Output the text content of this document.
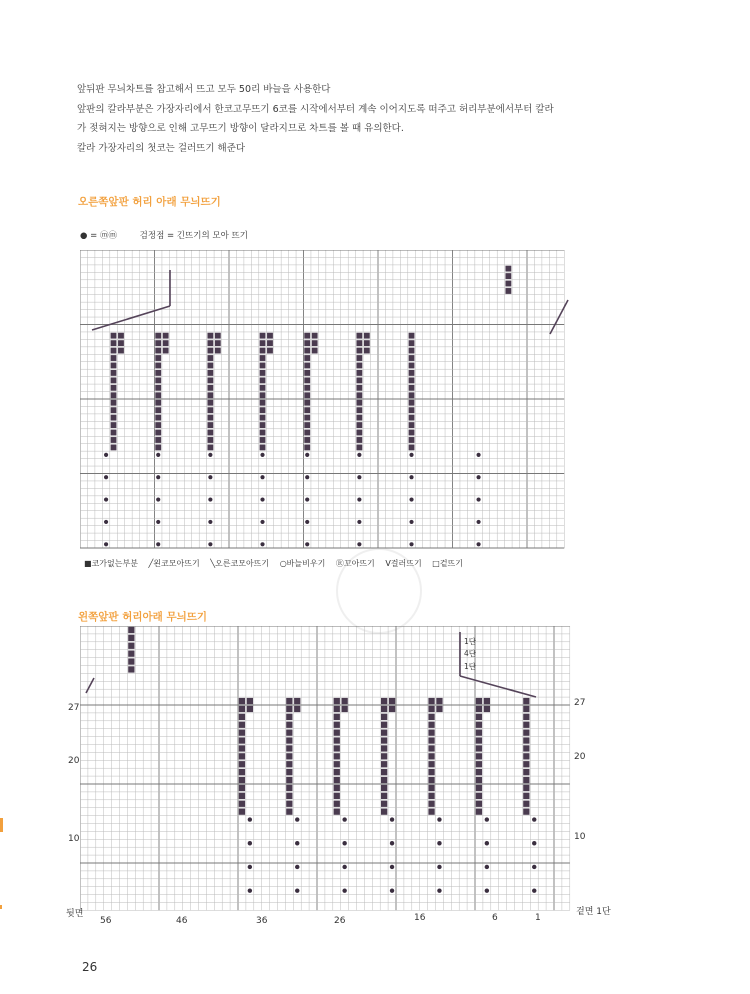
앞뒤판 무늬차트를 참고해서 뜨고 모두 50리 바늘을 사용한다

앞판의 칼라부분은 가장자리에서 한코고무뜨기 6코를 시작에서부터 계속 이어지도록 떠주고 허리부분에서부터 칼라

가 젖혀지는 방향으로 인해 고무뜨기 방향이 달라지므로 차트를 볼 때 유의한다.

칼라 가장자리의 첫코는 걸러뜨기 해준다

오른쪽앞판 허리 아래 무늬뜨기
● = ⓜⓜ	검정점 = 긴뜨기의 모아 뜨기
■코가없는부분 ╱왼코모아뜨기 ╲오른코모아뜨기 ○바늘비우기 Ⓡ꼬아뜨기 V걸러뜨기 □겉뜨기
왼쪽앞판 허리아래 무늬뜨기
27
20
10
27
20
10
뒷면	겉면 1단
56	46	36	26	16	6	1
1단
4단
1단
26
